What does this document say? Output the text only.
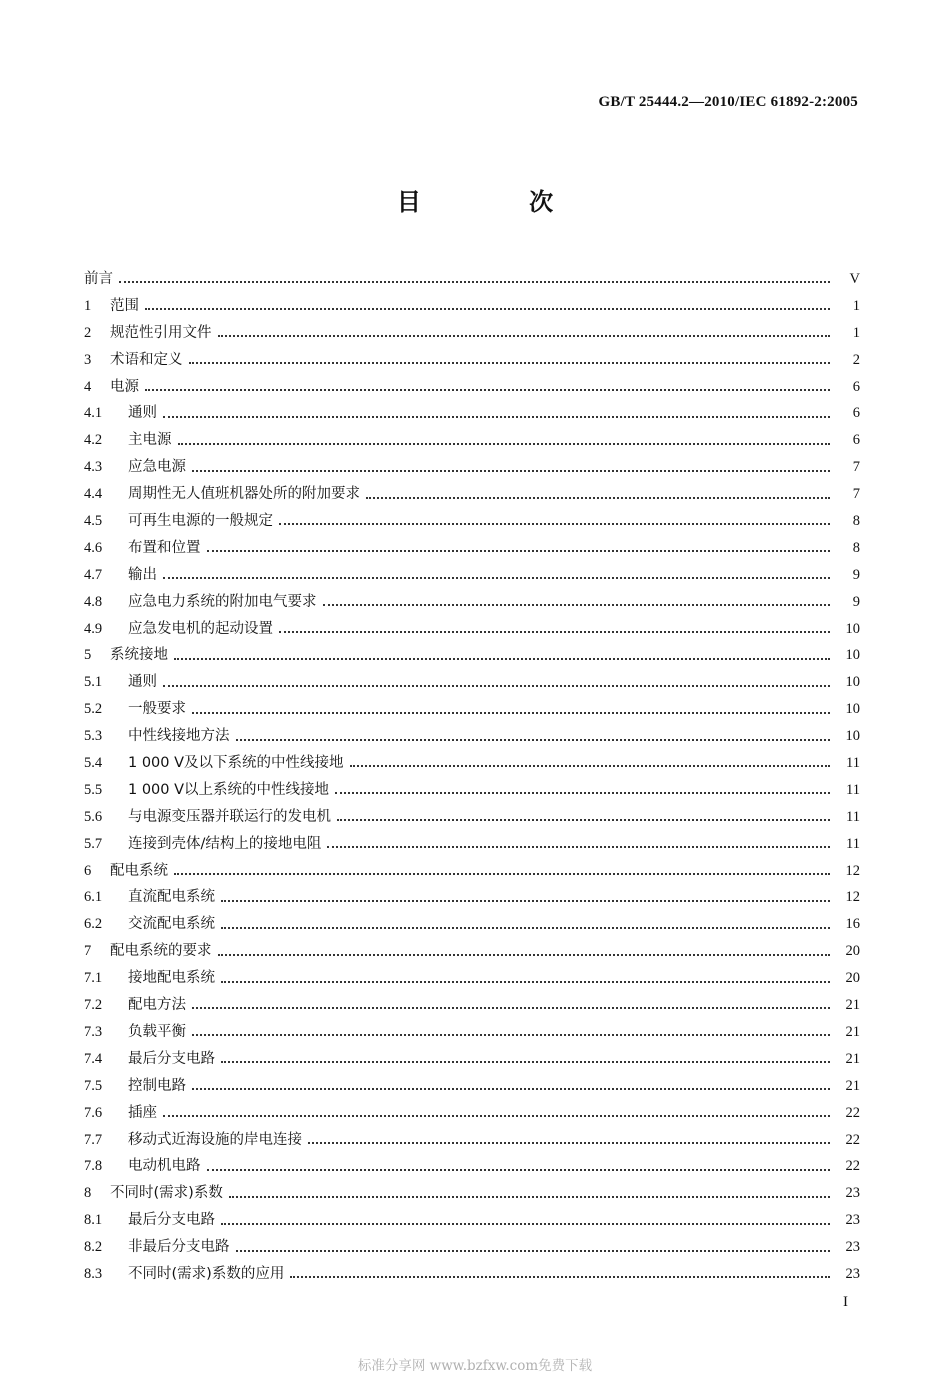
GB/T 25444.2—2010/IEC 61892-2:2005
目 次
前言	V
1	范围	1
2	规范性引用文件	1
3	术语和定义	2
4	电源	6
4.1	通则	6
4.2	主电源	6
4.3	应急电源	7
4.4	周期性无人值班机器处所的附加要求	7
4.5	可再生电源的一般规定	8
4.6	布置和位置	8
4.7	输出	9
4.8	应急电力系统的附加电气要求	9
4.9	应急发电机的起动设置	10
5	系统接地	10
5.1	通则	10
5.2	一般要求	10
5.3	中性线接地方法	10
5.4	1 000 V及以下系统的中性线接地	11
5.5	1 000 V以上系统的中性线接地	11
5.6	与电源变压器并联运行的发电机	11
5.7	连接到壳体/结构上的接地电阻	11
6	配电系统	12
6.1	直流配电系统	12
6.2	交流配电系统	16
7	配电系统的要求	20
7.1	接地配电系统	20
7.2	配电方法	21
7.3	负载平衡	21
7.4	最后分支电路	21
7.5	控制电路	21
7.6	插座	22
7.7	移动式近海设施的岸电连接	22
7.8	电动机电路	22
8	不同时(需求)系数	23
8.1	最后分支电路	23
8.2	非最后分支电路	23
8.3	不同时(需求)系数的应用	23
I
标准分享网 www.bzfxw.com免费下载
